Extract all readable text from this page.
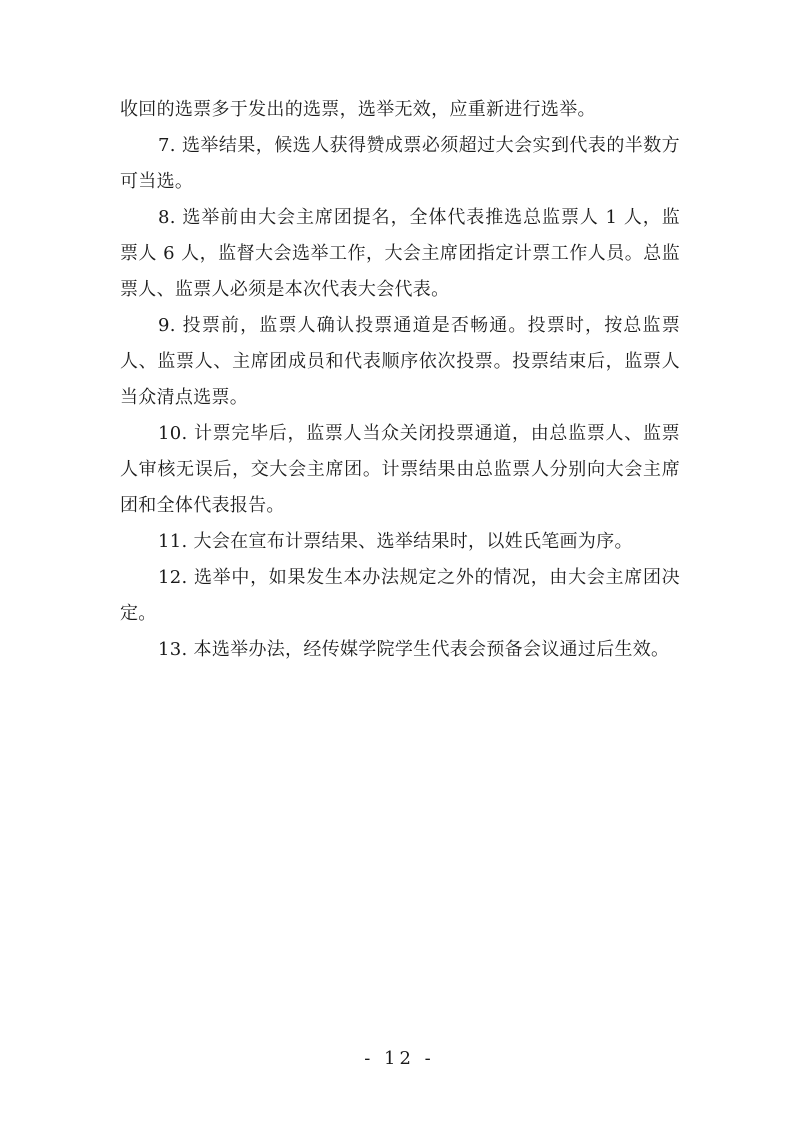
收回的选票多于发出的选票，选举无效，应重新进行选举。

7. 选举结果，候选人获得赞成票必须超过大会实到代表的半数方可当选。

8. 选举前由大会主席团提名，全体代表推选总监票人 1 人，监票人 6 人，监督大会选举工作，大会主席团指定计票工作人员。总监票人、监票人必须是本次代表大会代表。

9. 投票前，监票人确认投票通道是否畅通。投票时，按总监票人、监票人、主席团成员和代表顺序依次投票。投票结束后，监票人当众清点选票。

10. 计票完毕后，监票人当众关闭投票通道，由总监票人、监票人审核无误后，交大会主席团。计票结果由总监票人分别向大会主席团和全体代表报告。

11. 大会在宣布计票结果、选举结果时，以姓氏笔画为序。

12. 选举中，如果发生本办法规定之外的情况，由大会主席团决定。

13. 本选举办法，经传媒学院学生代表会预备会议通过后生效。

- 12 -
